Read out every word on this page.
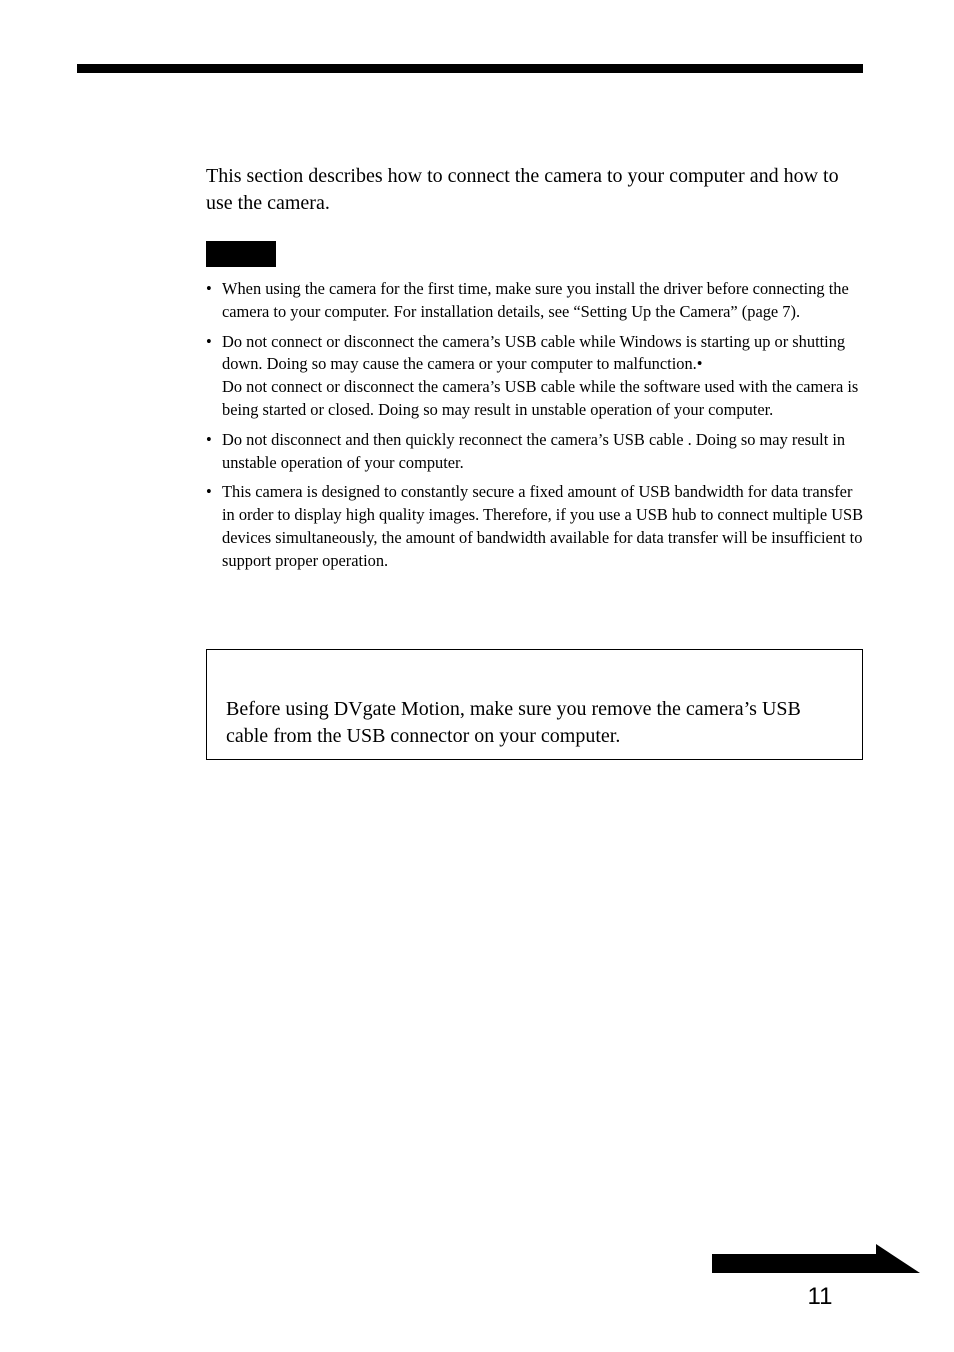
This section describes how to connect the camera to your computer and how to use the camera.

• When using the camera for the first time, make sure you install the driver before connecting the camera to your computer. For installation details, see “Setting Up the Camera” (page 7).
• Do not connect or disconnect the camera’s USB cable while Windows is starting up or shutting down. Doing so may cause the camera or your computer to malfunction.•
Do not connect or disconnect the camera’s USB cable while the software used with the camera is being started or closed. Doing so may result in unstable operation of your computer.
• Do not disconnect and then quickly reconnect the camera’s USB cable . Doing so may result in unstable operation of your computer.
• This camera is designed to constantly secure a fixed amount of USB bandwidth for data transfer in order to display high quality images. Therefore, if you use a USB hub to connect multiple USB devices simultaneously, the amount of bandwidth available for data transfer will be insufficient to support proper operation.

Before using DVgate Motion, make sure you remove the camera’s USB cable from the USB connector on your computer.

11
